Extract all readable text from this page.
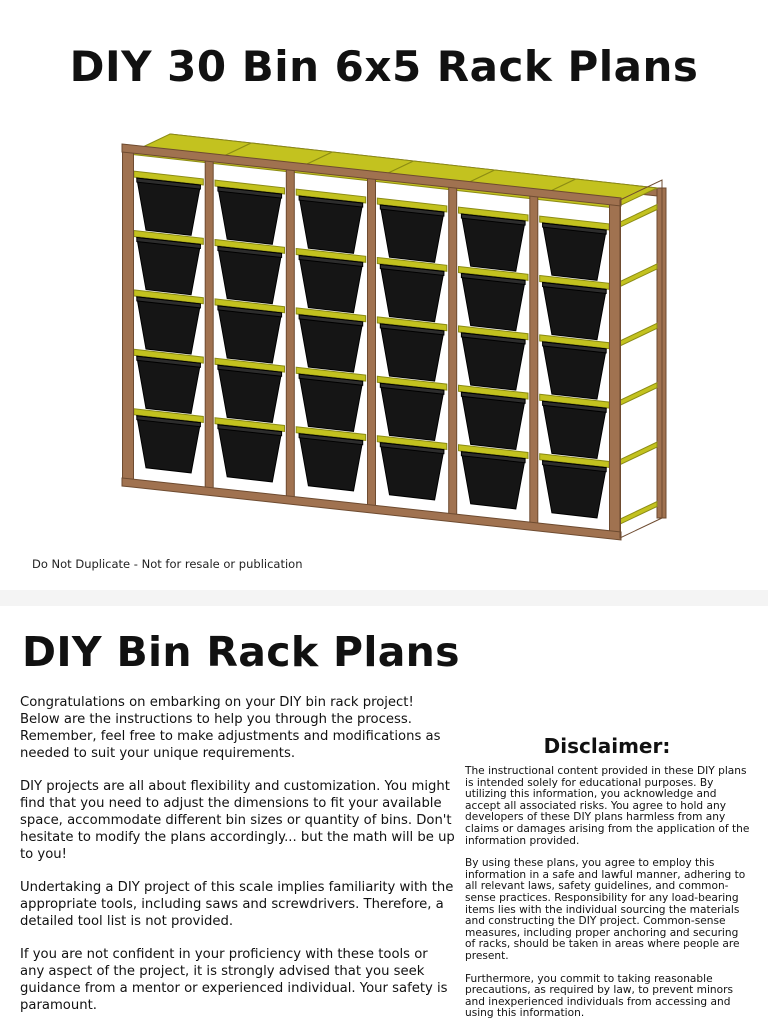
DIY 30 Bin 6x5 Rack Plans
Do Not Duplicate - Not for resale or publication
DIY Bin Rack Plans

Congratulations on embarking on your DIY bin rack project! Below are the instructions to help you through the process. Remember, feel free to make adjustments and modifications as needed to suit your unique requirements.

DIY projects are all about flexibility and customization. You might find that you need to adjust the dimensions to fit your available space, accommodate different bin sizes or quantity of bins. Don't hesitate to modify the plans accordingly... but the math will be up to you!

Undertaking a DIY project of this scale implies familiarity with the appropriate tools, including saws and screwdrivers. Therefore, a detailed tool list is not provided.

If you are not confident in your proficiency with these tools or any aspect of the project, it is strongly advised that you seek guidance from a mentor or experienced individual. Your safety is paramount.

Disclaimer:

The instructional content provided in these DIY plans is intended solely for educational purposes. By utilizing this information, you acknowledge and accept all associated risks. You agree to hold any developers of these DIY plans harmless from any claims or damages arising from the application of the information provided.

By using these plans, you agree to employ this information in a safe and lawful manner, adhering to all relevant laws, safety guidelines, and common-sense practices. Responsibility for any load-bearing items lies with the individual sourcing the materials and constructing the DIY project. Common-sense measures, including proper anchoring and securing of racks, should be taken in areas where people are present.

Furthermore, you commit to taking reasonable precautions, as required by law, to prevent minors and inexperienced individuals from accessing and using this information.
